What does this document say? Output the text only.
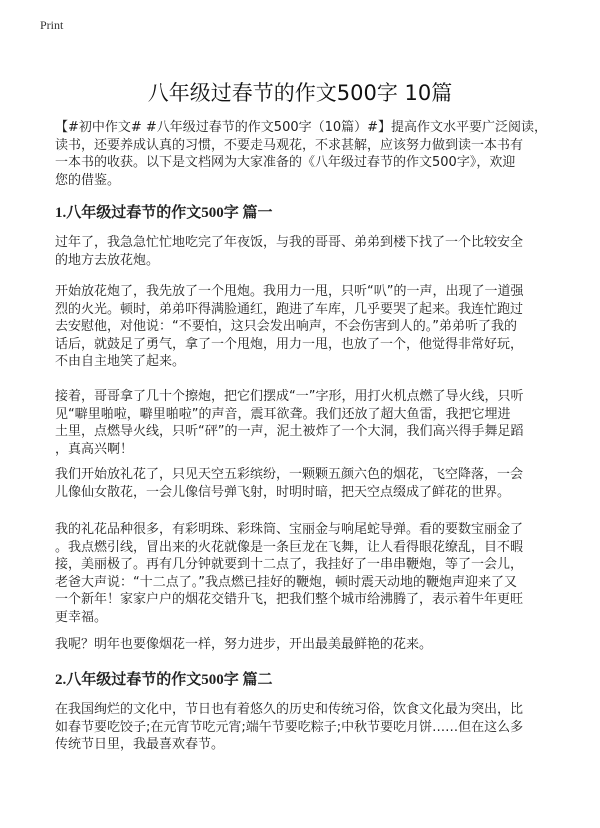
Print
八年级过春节的作文500字 10篇
【#初中作文# #八年级过春节的作文500字（10篇）#】提高作文水平要广泛阅读，
读书，还要养成认真的习惯，不要走马观花，不求甚解，应该努力做到读一本书有
一本书的收获。以下是文档网为大家准备的《八年级过春节的作文500字》，欢迎
您的借鉴。
1.八年级过春节的作文500字 篇一
过年了，我急急忙忙地吃完了年夜饭，与我的哥哥、弟弟到楼下找了一个比较安全
的地方去放花炮。
开始放花炮了，我先放了一个甩炮。我用力一甩，只听“叭”的一声，出现了一道强
烈的火光。顿时，弟弟吓得满脸通红，跑进了车库，几乎要哭了起来。我连忙跑过
去安慰他，对他说：“不要怕，这只会发出响声，不会伤害到人的。”弟弟听了我的
话后，就鼓足了勇气，拿了一个甩炮，用力一甩，也放了一个，他觉得非常好玩，
不由自主地笑了起来。
接着，哥哥拿了几十个擦炮，把它们摆成“一”字形，用打火机点燃了导火线，只听
见“噼里啪啦，噼里啪啦”的声音，震耳欲聋。我们还放了超大鱼雷，我把它埋进
土里，点燃导火线，只听“砰”的一声，泥土被炸了一个大洞，我们高兴得手舞足蹈
，真高兴啊！
我们开始放礼花了，只见天空五彩缤纷，一颗颗五颜六色的烟花，飞空降落，一会
儿像仙女散花，一会儿像信号弹飞射，时明时暗，把天空点缀成了鲜花的世界。
我的礼花品种很多，有彩明珠、彩珠筒、宝丽金与响尾蛇导弹。看的要数宝丽金了
。我点燃引线，冒出来的火花就像是一条巨龙在飞舞，让人看得眼花缭乱，目不暇
接，美丽极了。再有几分钟就要到十二点了，我挂好了一串串鞭炮，等了一会儿，
老爸大声说：“十二点了。”我点燃已挂好的鞭炮，顿时震天动地的鞭炮声迎来了又
一个新年！家家户户的烟花交错升飞，把我们整个城市给沸腾了，表示着牛年更旺
更幸福。
我呢？明年也要像烟花一样，努力进步，开出最美最鲜艳的花来。
2.八年级过春节的作文500字 篇二
在我国绚烂的文化中，节日也有着悠久的历史和传统习俗，饮食文化最为突出，比
如春节要吃饺子;在元宵节吃元宵;端午节要吃粽子;中秋节要吃月饼……但在这么多
传统节日里，我最喜欢春节。
